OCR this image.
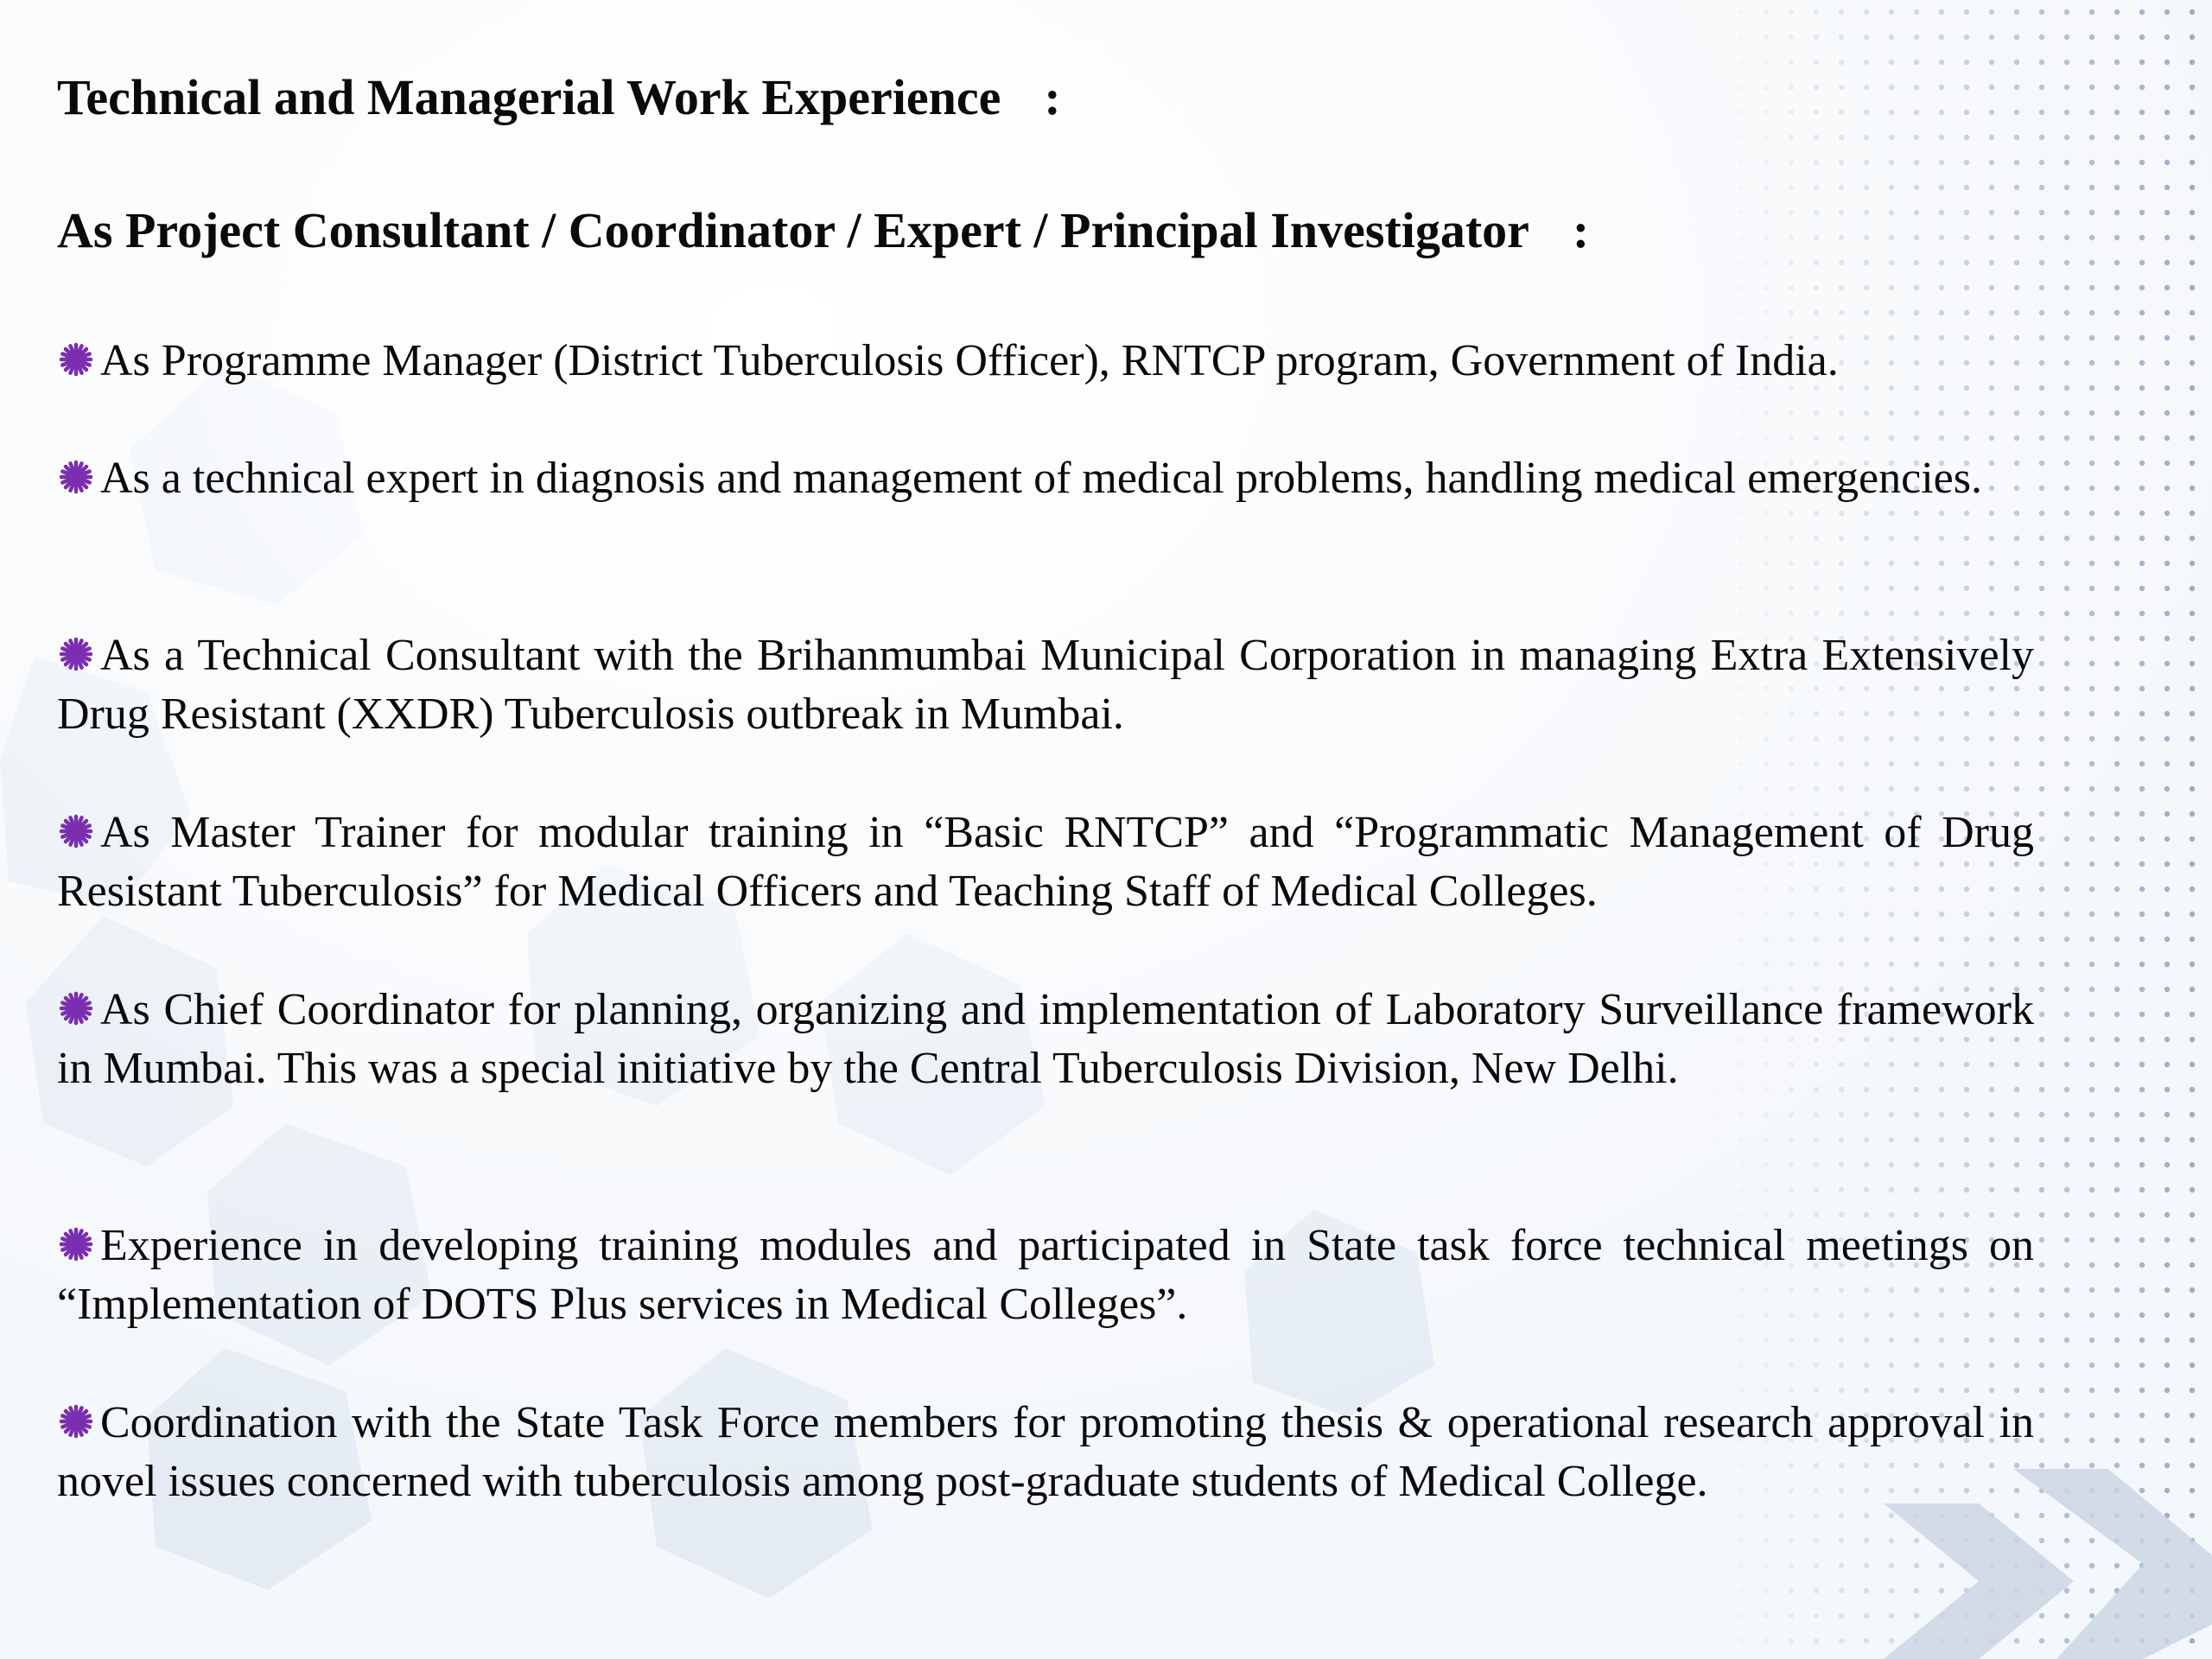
Technical and Managerial Work Experience :
As Project Consultant / Coordinator / Expert / Principal Investigator :

As Programme Manager (District Tuberculosis Officer), RNTCP program, Government of India.

As a technical expert in diagnosis and management of medical problems, handling medical emergencies.

As a Technical Consultant with the Brihanmumbai Municipal Corporation in managing Extra Extensively Drug Resistant (XXDR) Tuberculosis outbreak in Mumbai.

As Master Trainer for modular training in “Basic RNTCP” and “Programmatic Management of Drug Resistant Tuberculosis” for Medical Officers and Teaching Staff of Medical Colleges.

As Chief Coordinator for planning, organizing and implementation of Laboratory Surveillance framework in Mumbai. This was a special initiative by the Central Tuberculosis Division, New Delhi.

Experience in developing training modules and participated in State task force technical meetings on “Implementation of DOTS Plus services in Medical Colleges”.

Coordination with the State Task Force members for promoting thesis & operational research approval in novel issues concerned with tuberculosis among post-graduate students of Medical College.
